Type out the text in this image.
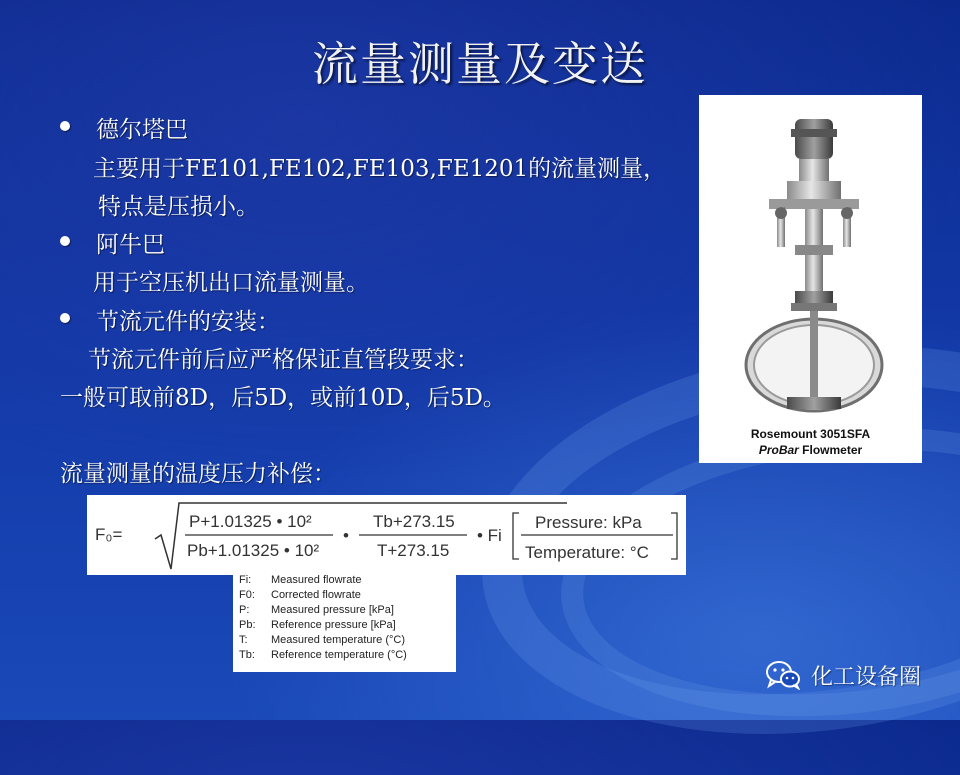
流量测量及变送
德尔塔巴
主要用于FE101,FE102,FE103,FE1201的流量测量，
特点是压损小。
阿牛巴
用于空压机出口流量测量。
节流元件的安装：
节流元件前后应严格保证直管段要求：
一般可取前8D，后5D，或前10D，后5D。
流量测量的温度压力补偿：
Rosemount 3051SFA
ProBar Flowmeter
F₀=
P+1.01325 • 10²
Pb+1.01325 • 10²
•
Tb+273.15
T+273.15
• Fi
Pressure: kPa
Temperature: °C
Fi: Measured flowrate
F0: Corrected flowrate
P: Measured pressure [kPa]
Pb: Reference pressure [kPa]
T: Measured temperature (°C)
Tb: Reference temperature (°C)
化工设备圈
